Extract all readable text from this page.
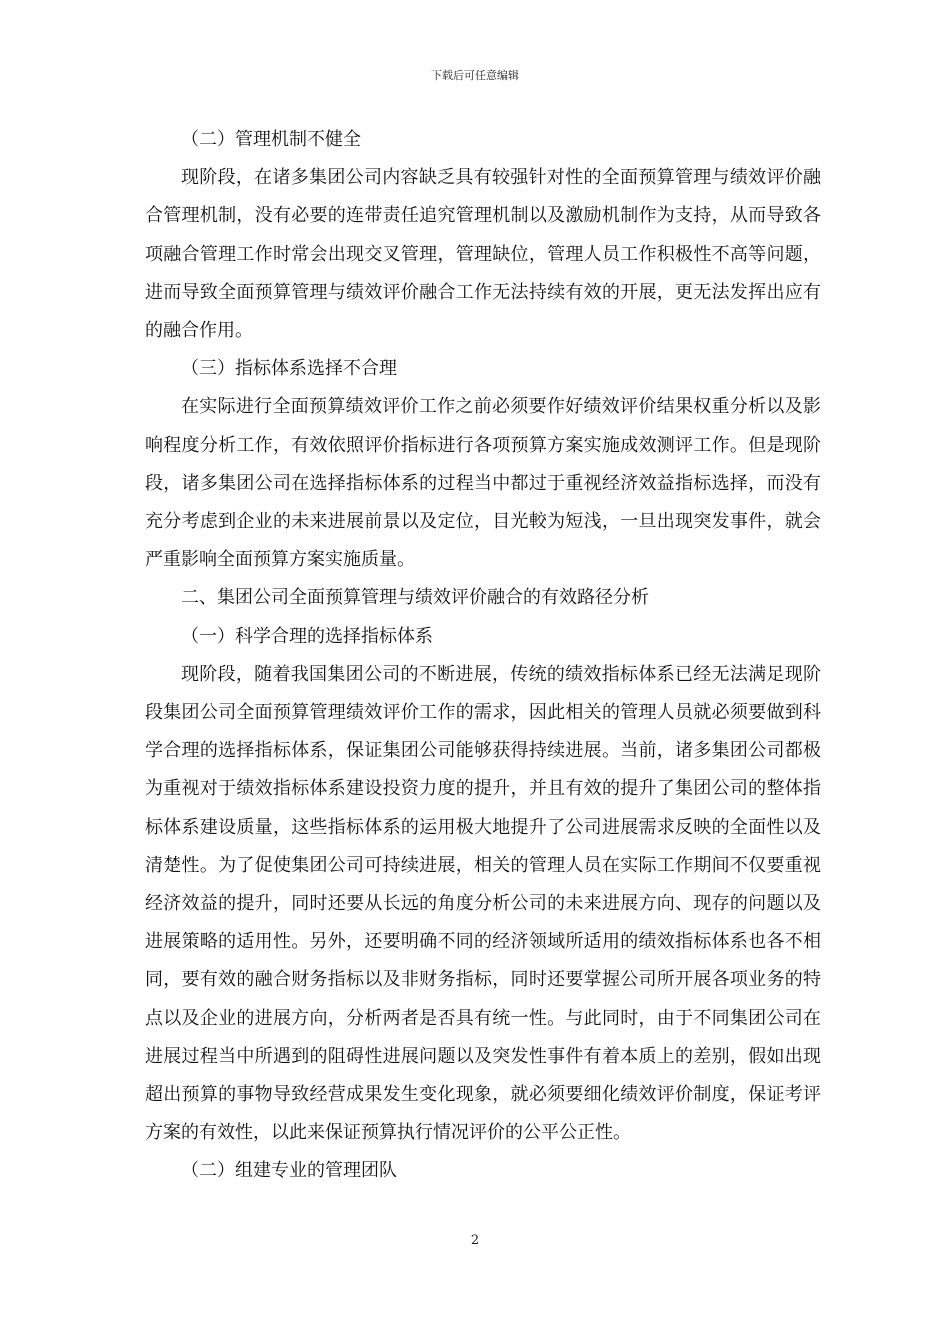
下载后可任意编辑

（二）管理机制不健全

现阶段，在诸多集团公司内容缺乏具有较强针对性的全面预算管理与绩效评价融合管理机制，没有必要的连带责任追究管理机制以及激励机制作为支持，从而导致各项融合管理工作时常会出现交叉管理，管理缺位，管理人员工作积极性不高等问题，进而导致全面预算管理与绩效评价融合工作无法持续有效的开展，更无法发挥出应有的融合作用。

（三）指标体系选择不合理

在实际进行全面预算绩效评价工作之前必须要作好绩效评价结果权重分析以及影响程度分析工作，有效依照评价指标进行各项预算方案实施成效测评工作。但是现阶段，诸多集团公司在选择指标体系的过程当中都过于重视经济效益指标选择，而没有充分考虑到企业的未来进展前景以及定位，目光較为短浅，一旦出现突发事件，就会严重影响全面预算方案实施质量。

二、集团公司全面预算管理与绩效评价融合的有效路径分析

（一）科学合理的选择指标体系

现阶段，随着我国集团公司的不断进展，传统的绩效指标体系已经无法满足现阶段集团公司全面预算管理绩效评价工作的需求，因此相关的管理人员就必须要做到科学合理的选择指标体系，保证集团公司能够获得持续进展。当前，诸多集团公司都极为重视对于绩效指标体系建设投资力度的提升，并且有效的提升了集团公司的整体指标体系建设质量，这些指标体系的运用极大地提升了公司进展需求反映的全面性以及清楚性。为了促使集团公司可持续进展，相关的管理人员在实际工作期间不仅要重视经济效益的提升，同时还要从长远的角度分析公司的未来进展方向、现存的问题以及进展策略的适用性。另外，还要明确不同的经济领域所适用的绩效指标体系也各不相同，要有效的融合财务指标以及非财务指标，同时还要掌握公司所开展各项业务的特点以及企业的进展方向，分析两者是否具有统一性。与此同时，由于不同集团公司在进展过程当中所遇到的阻碍性进展问题以及突发性事件有着本质上的差别，假如出现超出预算的事物导致经营成果发生变化现象，就必须要细化绩效评价制度，保证考评方案的有效性，以此来保证预算执行情况评价的公平公正性。

（二）组建专业的管理团队

2
